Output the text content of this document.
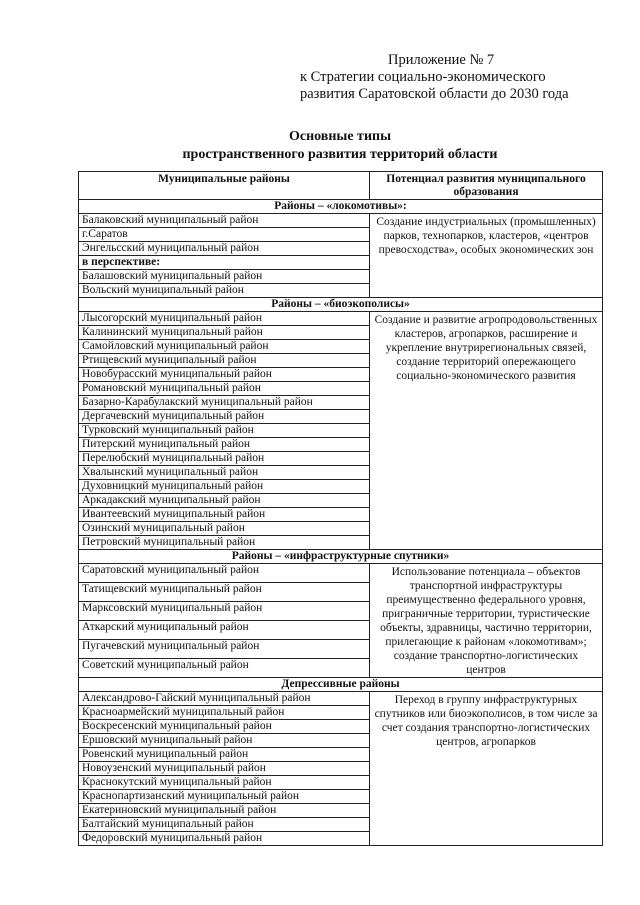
Приложение № 7
к Стратегии социально-экономического
развития Саратовской области до 2030 года
Основные типы
пространственного развития территорий области
Муниципальные районы	Потенциал развития муниципального образования
Районы – «локомотивы»:	
Балаковский муниципальный район	Создание индустриальных (промышленных) парков, технопарков, кластеров, «центров превосходства», особых экономических зон
г.Саратов	
Энгельсский муниципальный район	
в перспективе:	
Балашовский муниципальный район	
Вольский муниципальный район	
Районы – «биоэкополисы»	
Лысогорский муниципальный район	Создание и развитие агропродовольственных кластеров, агропарков, расширение и укрепление внутрирегиональных связей, создание территорий опережающего социально-экономического развития
Калининский муниципальный район	
Самойловский муниципальный район	
Ртищевский муниципальный район	
Новобурасский муниципальный район	
Романовский муниципальный район	
Базарно-Карабулакский муниципальный район	
Дергачевский муниципальный район	
Турковский муниципальный район	
Питерский муниципальный район	
Перелюбский муниципальный район	
Хвалынский муниципальный район	
Духовницкий муниципальный район	
Аркадакский муниципальный район	
Ивантеевский муниципальный район	
Озинский муниципальный район	
Петровский муниципальный район	
Районы – «инфраструктурные спутники»	
Саратовский муниципальный район	Использование потенциала – объектов транспортной инфраструктуры преимущественно федерального уровня, приграничные территории, туристические объекты, здравницы, частично территории, прилегающие к районам «локомотивам»; создание транспортно-логистических центров
Татищевский муниципальный район	
Марксовский муниципальный район	
Аткарский муниципальный район	
Пугачевский муниципальный район	
Советский муниципальный район	
Депрессивные районы	
Александрово-Гайский муниципальный район	Переход в группу инфраструктурных спутников или биоэкополисов, в том числе за счет создания транспортно-логистических центров, агропарков
Красноармейский муниципальный район	
Воскресенский муниципальный район	
Ершовский муниципальный район	
Ровенский муниципальный район	
Новоузенский муниципальный район	
Краснокутский муниципальный район	
Краснопартизанский муниципальный район	
Екатериновский муниципальный район	
Балтайский муниципальный район	
Федоровский муниципальный район	
